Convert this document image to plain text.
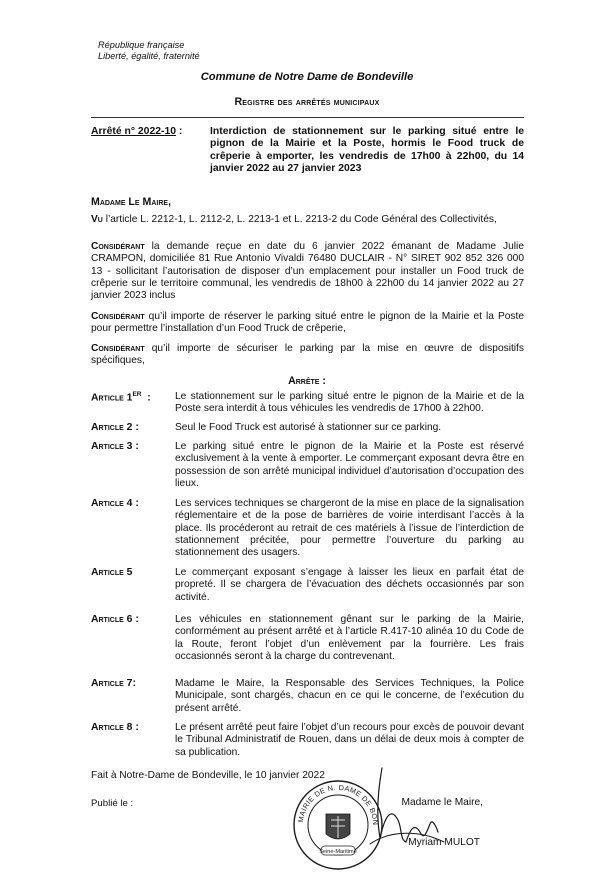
République française
Liberté, égalité, fraternité
Commune de Notre Dame de Bondeville
Registre des arrêtés municipaux
Arrêté n° 2022-10 :	Interdiction de stationnement sur le parking situé entre le pignon de la Mairie et la Poste, hormis le Food truck de crêperie à emporter, les vendredis de 17h00 à 22h00, du 14 janvier 2022 au 27 janvier 2023
Madame Le Maire,
Vu l’article L. 2212-1, L. 2112-2, L. 2213-1 et L. 2213-2 du Code Général des Collectivités,
Considérant la demande reçue en date du 6 janvier 2022 émanant de Madame Julie CRAMPON, domiciliée 81 Rue Antonio Vivaldi 76480 DUCLAIR - N° SIRET 902 852 326 000 13 - sollicitant l’autorisation de disposer d’un emplacement pour installer un Food truck de crêperie sur le territoire communal, les vendredis de 18h00 à 22h00 du 14 janvier 2022 au 27 janvier 2023 inclus
Considérant qu’il importe de réserver le parking situé entre le pignon de la Mairie et la Poste pour permettre l’installation d’un Food Truck de crêperie,
Considérant qu’il importe de sécuriser le parking par la mise en œuvre de dispositifs spécifiques,
Arrête :
Article 1ER  : Le stationnement sur le parking situé entre le pignon de la Mairie et de la Poste sera interdit à tous véhicules les vendredis de 17h00 à 22h00.
Article 2 :	Seul le Food Truck est autorisé à stationner sur ce parking.
Article 3 :	Le parking situé entre le pignon de la Mairie et la Poste est réservé exclusivement à la vente à emporter. Le commerçant exposant devra être en possession de son arrêté municipal individuel d’autorisation d’occupation des lieux.
Article 4 :	Les services techniques se chargeront de la mise en place de la signalisation réglementaire et de la pose de barrières de voirie interdisant l’accès à la place. Ils procéderont au retrait de ces matériels à l’issue de l’interdiction de stationnement précitée, pour permettre l’ouverture du parking au stationnement des usagers.
Article 5	Le commerçant exposant s’engage à laisser les lieux en parfait état de propreté. Il se chargera de l’évacuation des déchets occasionnés par son activité.
Article 6 :	Les véhicules en stationnement gênant sur le parking de la Mairie, conformément au présent arrêté et à l’article R.417-10 alinéa 10 du Code de la Route, feront l’objet d’un enlèvement par la fourrière. Les frais occasionnés seront à la charge du contrevenant.
Article 7:	Madame le Maire, la Responsable des Services Techniques, la Police Municipale, sont chargés, chacun en ce qui le concerne, de l’exécution du présent arrêté.
Article 8 :	Le présent arrêté peut faire l’objet d’un recours pour excès de pouvoir devant le Tribunal Administratif de Rouen, dans un délai de deux mois à compter de sa publication.
Fait à Notre-Dame de Bondeville, le 10 janvier 2022
Publié le :
MAIRIE DE N. DAME DE BON
Seine-Maritime
Madame le Maire,
Myriam MULOT
